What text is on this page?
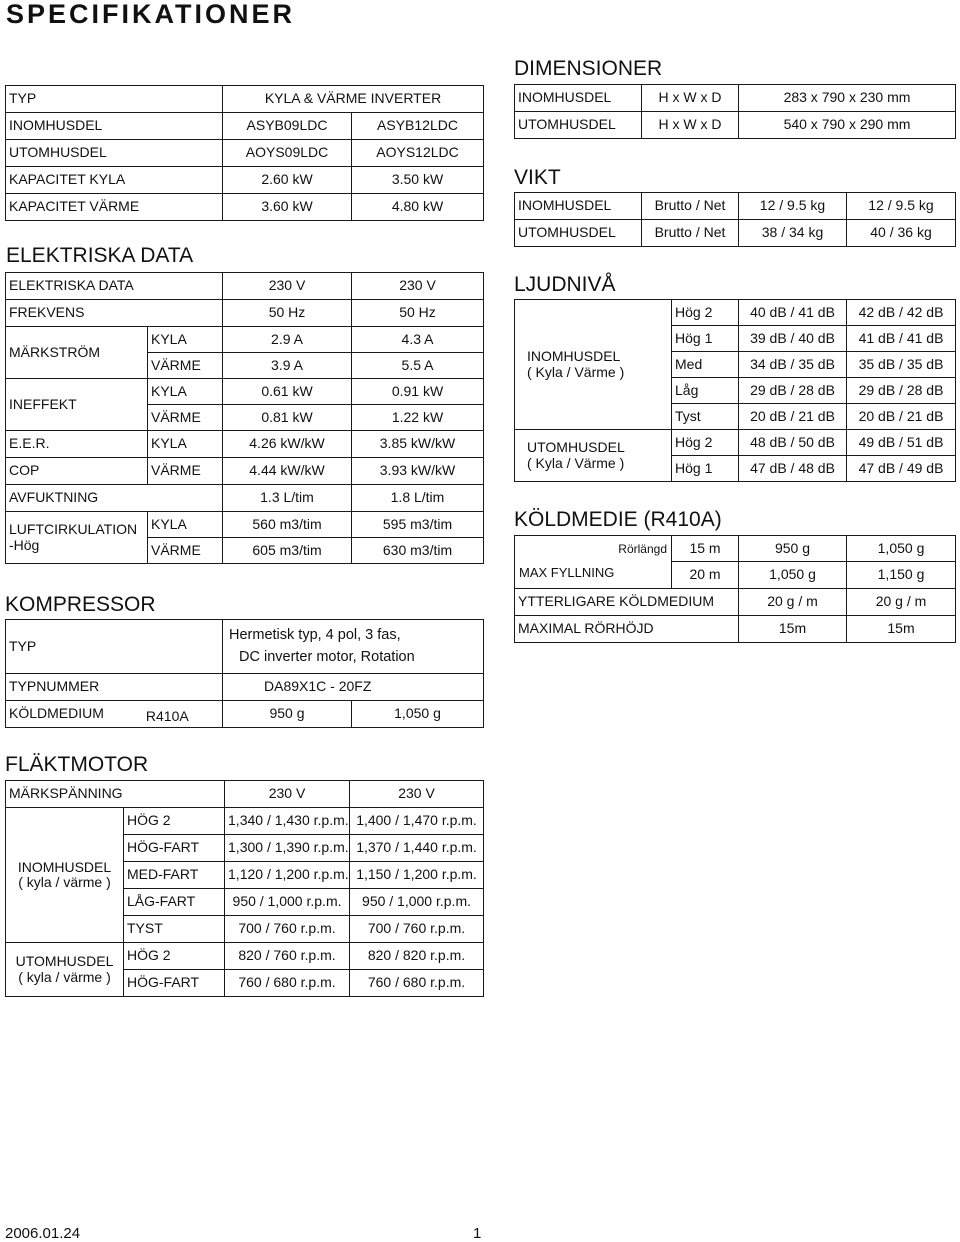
SPECIFIKATIONER
TYP	KYLA & VÄRME INVERTER	
INOMHUSDEL	ASYB09LDC	ASYB12LDC
UTOMHUSDEL	AOYS09LDC	AOYS12LDC
KAPACITET KYLA	2.60 kW	3.50 kW
KAPACITET VÄRME	3.60 kW	4.80 kW
ELEKTRISKA DATA
ELEKTRISKA DATA		230 V	230 V
FREKVENS		50 Hz	50 Hz
MÄRKSTRÖM	KYLA	2.9 A	4.3 A
	VÄRME	3.9 A	5.5 A
INEFFEKT	KYLA	0.61 kW	0.91 kW
	VÄRME	0.81 kW	1.22 kW
E.E.R.	KYLA	4.26 kW/kW	3.85 kW/kW
COP	VÄRME	4.44 kW/kW	3.93 kW/kW
AVFUKTNING		1.3 L/tim	1.8 L/tim
LUFTCIRKULATION
-Hög	KYLA	560 m3/tim	595 m3/tim
	VÄRME	605 m3/tim	630 m3/tim
KOMPRESSOR
TYP	Hermetisk typ, 4 pol, 3 fas,
DC inverter motor, Rotation	
TYPNUMMER	DA89X1C - 20FZ	
KÖLDMEDIUM R410A	950 g	1,050 g
FLÄKTMOTOR
MÄRKSPÄNNING		230 V	230 V
INOMHUSDEL
( kyla / värme )	HÖG 2	1,340 / 1,430 r.p.m.	1,400 / 1,470 r.p.m.
	HÖG-FART	1,300 / 1,390 r.p.m.	1,370 / 1,440 r.p.m.
	MED-FART	1,120 / 1,200 r.p.m.	1,150 / 1,200 r.p.m.
	LÅG-FART	950 / 1,000 r.p.m.	950 / 1,000 r.p.m.
	TYST	700 / 760 r.p.m.	700 / 760 r.p.m.
UTOMHUSDEL
( kyla / värme )	HÖG 2	820 / 760 r.p.m.	820 / 820 r.p.m.
	HÖG-FART	760 / 680 r.p.m.	760 / 680 r.p.m.
DIMENSIONER
INOMHUSDEL	H x W x D	283 x 790 x 230 mm
UTOMHUSDEL	H x W x D	540 x 790 x 290 mm
VIKT
INOMHUSDEL	Brutto / Net	12 / 9.5 kg	12 / 9.5 kg
UTOMHUSDEL	Brutto / Net	38 / 34 kg	40 / 36 kg
LJUDNIVÅ
INOMHUSDEL
( Kyla / Värme )	Hög 2	40 dB / 41 dB	42 dB / 42 dB
	Hög 1	39 dB / 40 dB	41 dB / 41 dB
	Med	34 dB / 35 dB	35 dB / 35 dB
	Låg	29 dB / 28 dB	29 dB / 28 dB
	Tyst	20 dB / 21 dB	20 dB / 21 dB
UTOMHUSDEL
( Kyla / Värme )	Hög 2	48 dB / 50 dB	49 dB / 51 dB
	Hög 1	47 dB / 48 dB	47 dB / 49 dB
KÖLDMEDIE (R410A)
Rörlängd
MAX FYLLNING	15 m	950 g	1,050 g
	20 m	1,050 g	1,150 g
YTTERLIGARE KÖLDMEDIUM		20 g / m	20 g / m
MAXIMAL RÖRHÖJD		15m	15m
2006.01.24	1
